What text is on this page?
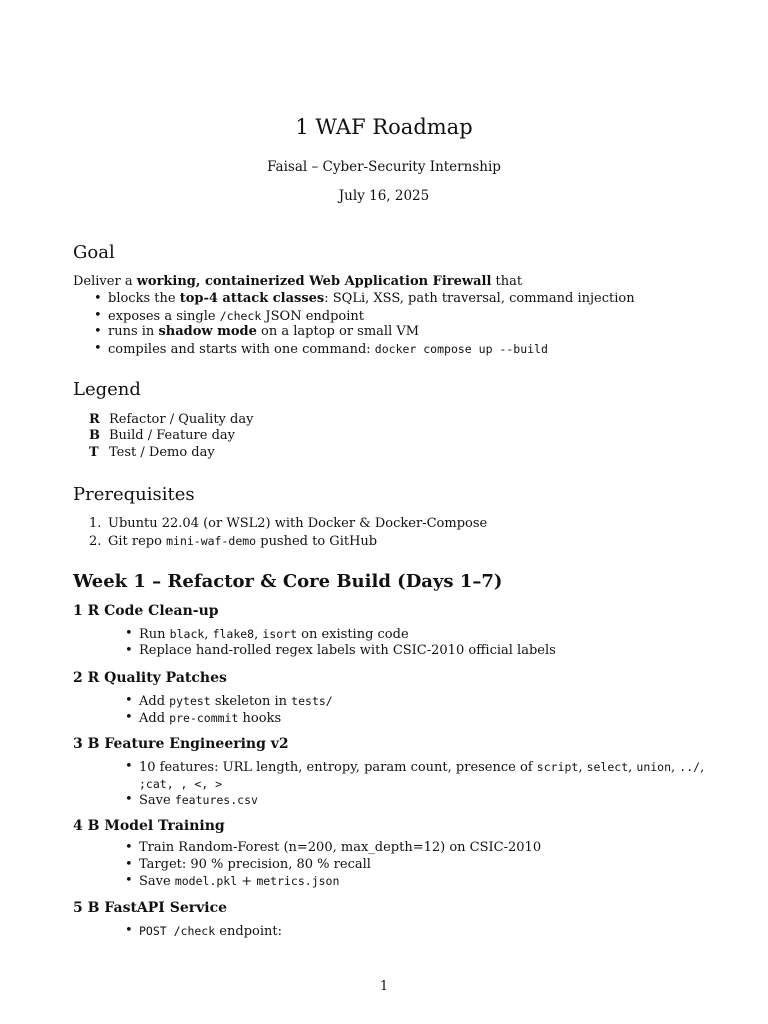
1 WAF Roadmap
Faisal – Cyber-Security Internship
July 16, 2025
Goal
Deliver a working, containerized Web Application Firewall that
• blocks the top-4 attack classes: SQLi, XSS, path traversal, command injection
• exposes a single /check JSON endpoint
• runs in shadow mode on a laptop or small VM
• compiles and starts with one command: docker compose up --build
Legend
R Refactor / Quality day
B Build / Feature day
T Test / Demo day
Prerequisites
1. Ubuntu 22.04 (or WSL2) with Docker & Docker-Compose
2. Git repo mini-waf-demo pushed to GitHub
Week 1 – Refactor & Core Build (Days 1–7)
1 R Code Clean-up
• Run black, flake8, isort on existing code
• Replace hand-rolled regex labels with CSIC-2010 official labels
2 R Quality Patches
• Add pytest skeleton in tests/
• Add pre-commit hooks
3 B Feature Engineering v2
• 10 features: URL length, entropy, param count, presence of script, select, union, ../,
;cat, , <, >
• Save features.csv
4 B Model Training
• Train Random-Forest (n=200, max_depth=12) on CSIC-2010
• Target: 90 % precision, 80 % recall
• Save model.pkl + metrics.json
5 B FastAPI Service
• POST /check endpoint:
1
